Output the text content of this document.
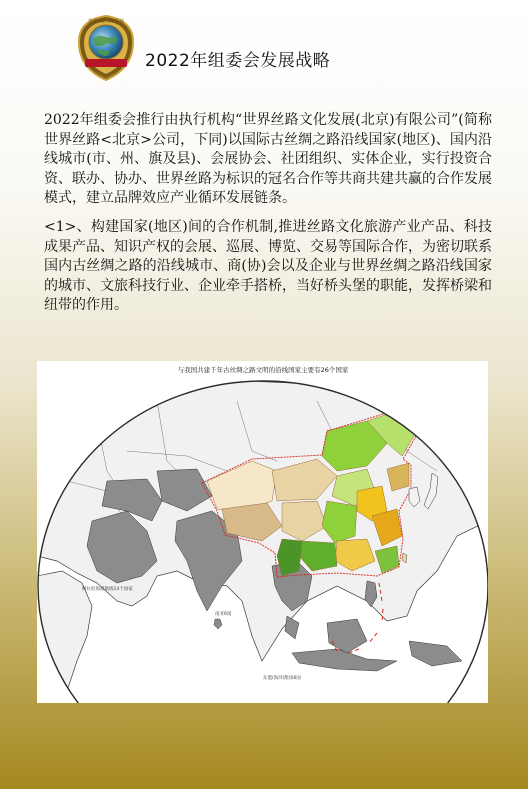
世界丝路文化发展
2022年组委会发展战略

2022年组委会推行由执行机构“世界丝路文化发展(北京)有限公司”(简称世界丝路<北京>公司，下同)以国际古丝绸之路沿线国家(地区)、国内沿线城市(市、州、旗及县)、会展协会、社团组织、实体企业，实行投资合资、联办、协办、世界丝路为标识的冠名合作等共商共建共赢的合作发展模式，建立品牌效应产业循环发展链条。

<1>、构建国家(地区)间的合作机制,推进丝路文化旅游产业产品、科技成果产品、知识产权的会展、巡展、博览、交易等国际合作，为密切联系国内古丝绸之路的沿线城市、商(协)会以及企业与世界丝绸之路沿线国家的城市、文旅科技行业、企业牵手搭桥，当好桥头堡的职能，发挥桥梁和纽带的作用。

与我国共建千年古丝绸之路文明的沿线国家主要有26个国家
阿拉伯海道航线14个国家
南亚6国
东盟(海洋诸国)6国
